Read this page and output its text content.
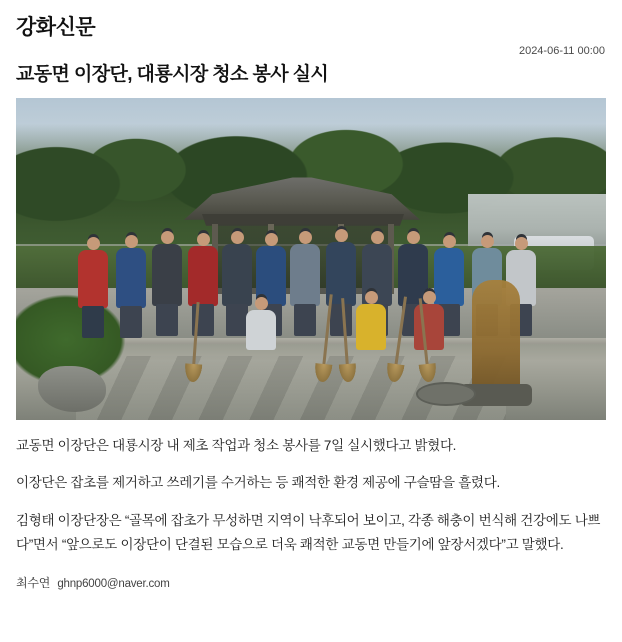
강화신문
2024-06-11 00:00
교동면 이장단, 대룡시장 청소 봉사 실시

교동면 이장단은 대룡시장 내 제초 작업과 청소 봉사를 7일 실시했다고 밝혔다.

이장단은 잡초를 제거하고 쓰레기를 수거하는 등 쾌적한 환경 제공에 구슬땀을 흘렸다.

김형태 이장단장은 “골목에 잡초가 무성하면 지역이 낙후되어 보이고, 각종 해충이 번식해 건강에도 나쁘다”면서 “앞으로도 이장단이 단결된 모습으로 더욱 쾌적한 교동면 만들기에 앞장서겠다”고 말했다.

최수연 ghnp6000@naver.com
